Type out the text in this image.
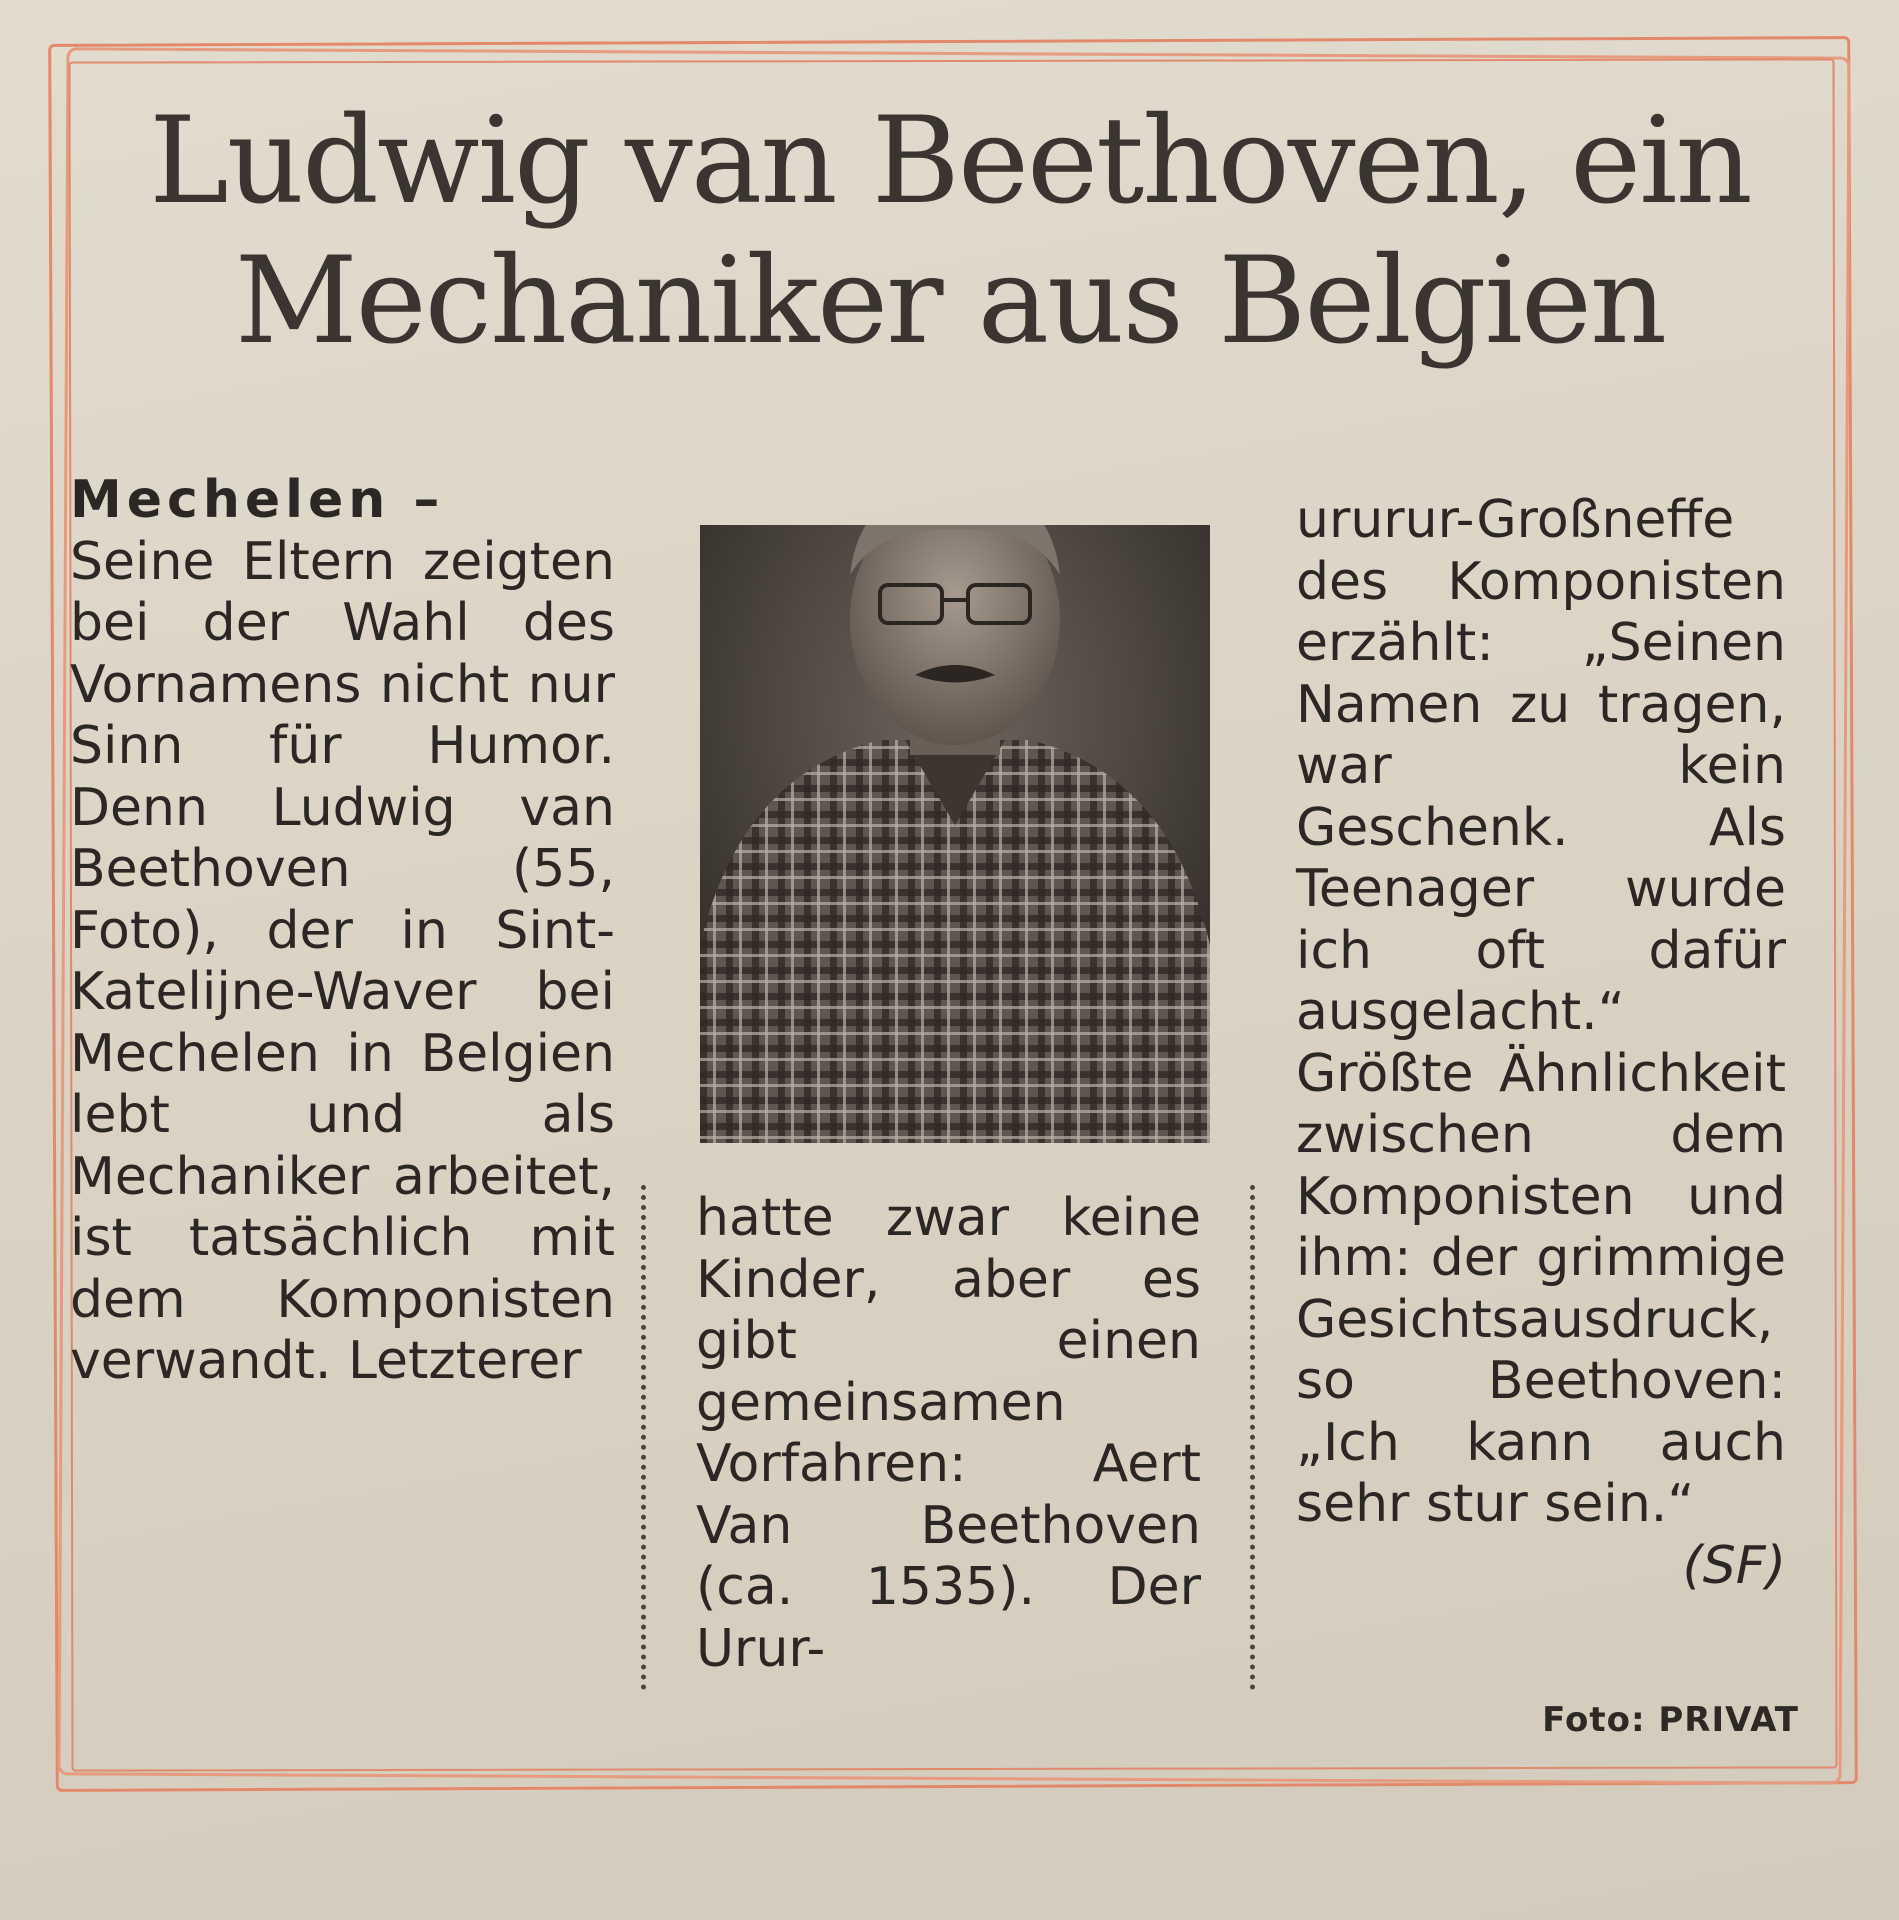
Ludwig van Beethoven, ein
Mechaniker aus Belgien

Mechelen –

Seine Eltern zeigten bei der Wahl des Vornamens nicht nur Sinn für Humor. Denn Ludwig van Beethoven (55, Foto), der in Sint-Katelijne-Waver bei Mechelen in Belgien lebt und als Mechaniker arbeitet, ist tatsächlich mit dem Komponisten verwandt. Letzterer

hatte zwar keine Kinder, aber es gibt einen gemeinsamen Vorfahren: Aert Van Beethoven (ca. 1535). Der Urur-

ururur-Großneffe des Komponisten erzählt: „Seinen Namen zu tragen, war kein Geschenk. Als Teenager wurde ich oft dafür ausgelacht.“ Größte Ähnlichkeit zwischen dem Komponisten und ihm: der grimmige Gesichtsausdruck, so Beethoven: „Ich kann auch sehr stur sein.“
(SF)

Foto: PRIVAT
